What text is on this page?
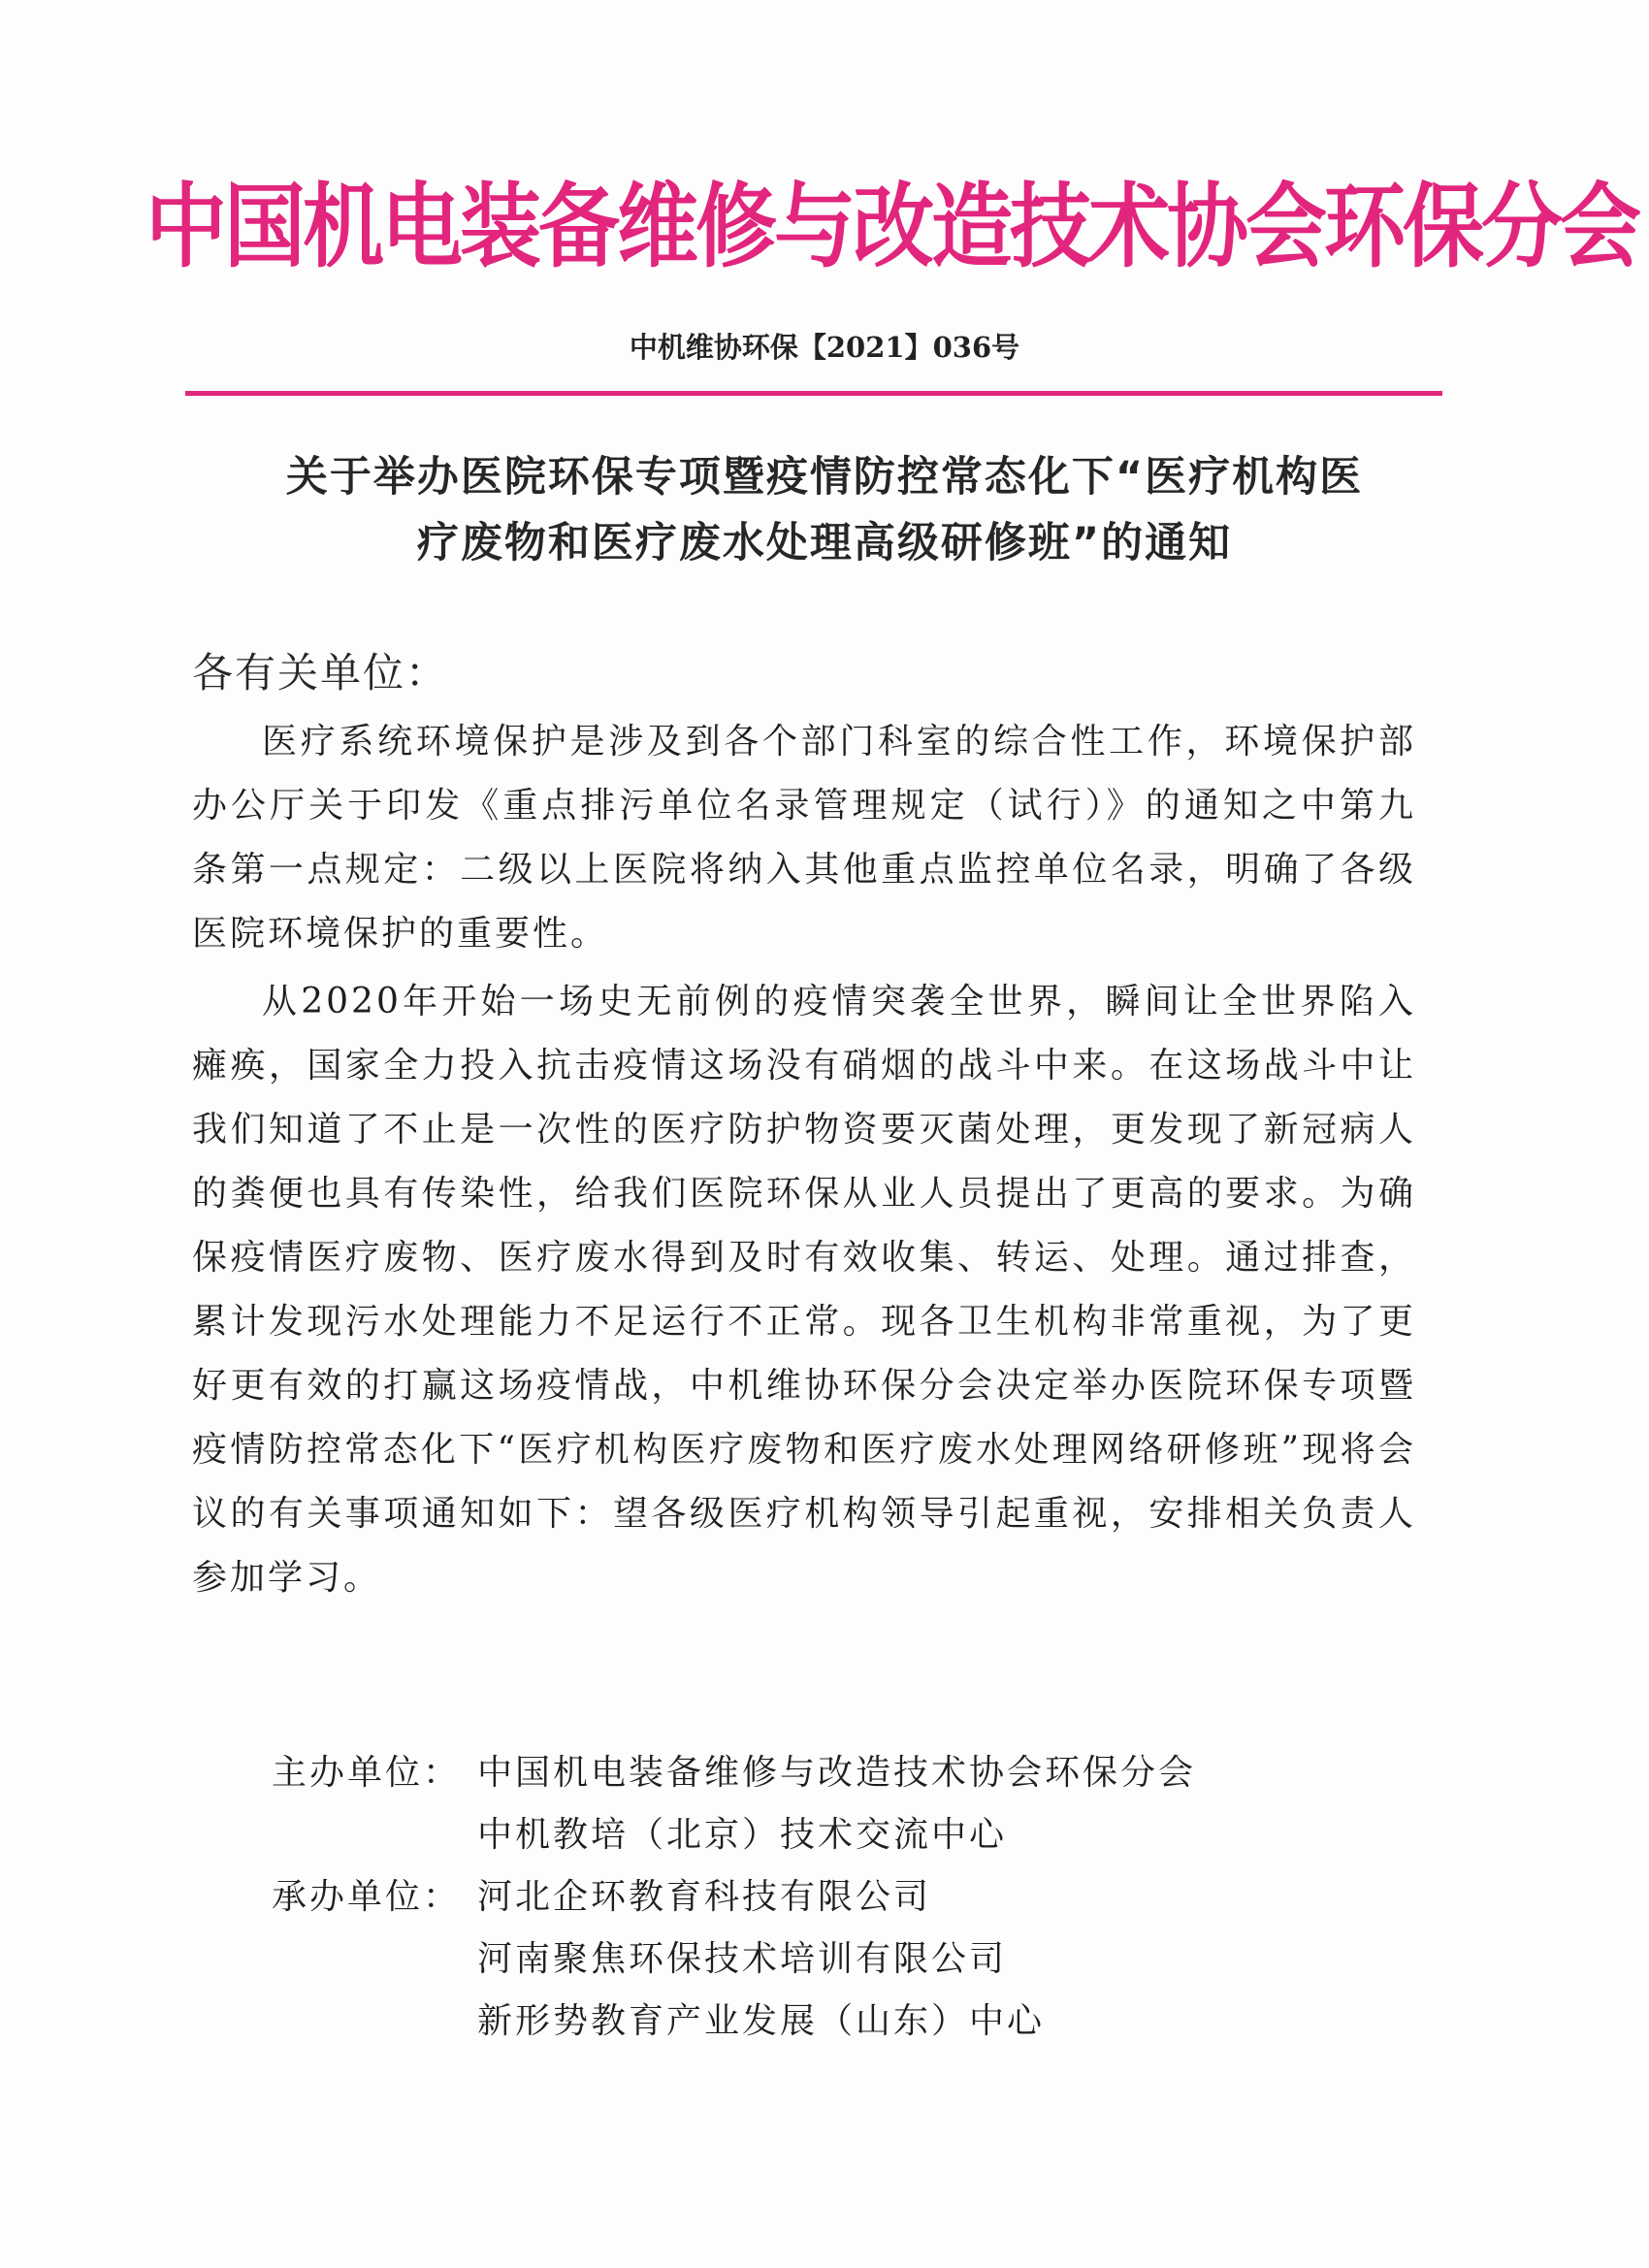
中国机电装备维修与改造技术协会环保分会
中机维协环保【2021】036号
关于举办医院环保专项暨疫情防控常态化下“医疗机构医
疗废物和医疗废水处理高级研修班”的通知
各有关单位：

医疗系统环境保护是涉及到各个部门科室的综合性工作，环境保护部办公厅关于印发《重点排污单位名录管理规定（试行）》的通知之中第九条第一点规定：二级以上医院将纳入其他重点监控单位名录，明确了各级医院环境保护的重要性。

从2020年开始一场史无前例的疫情突袭全世界，瞬间让全世界陷入瘫痪，国家全力投入抗击疫情这场没有硝烟的战斗中来。在这场战斗中让我们知道了不止是一次性的医疗防护物资要灭菌处理，更发现了新冠病人的粪便也具有传染性，给我们医院环保从业人员提出了更高的要求。为确保疫情医疗废物、医疗废水得到及时有效收集、转运、处理。通过排查，累计发现污水处理能力不足运行不正常。现各卫生机构非常重视，为了更好更有效的打赢这场疫情战，中机维协环保分会决定举办医院环保专项暨疫情防控常态化下“医疗机构医疗废物和医疗废水处理网络研修班”现将会议的有关事项通知如下：望各级医疗机构领导引起重视，安排相关负责人参加学习。

主办单位： 中国机电装备维修与改造技术协会环保分会
中机教培（北京）技术交流中心
承办单位： 河北企环教育科技有限公司
河南聚焦环保技术培训有限公司
新形势教育产业发展（山东）中心
